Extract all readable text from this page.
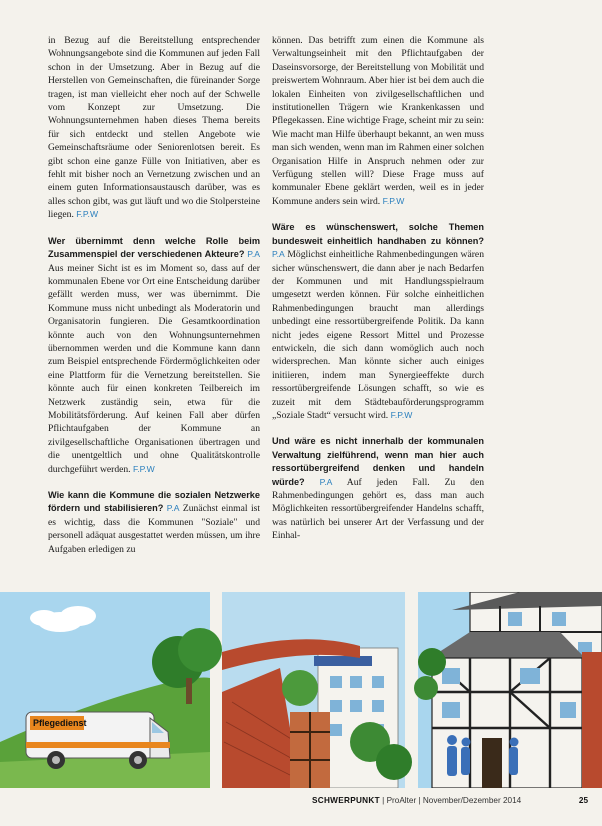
in Bezug auf die Bereitstellung entsprechender Wohnungsangebote sind die Kommunen auf jeden Fall schon in der Umsetzung. Aber in Bezug auf die Herstellen von Gemeinschaften, die füreinander Sorge tragen, ist man vielleicht eher noch auf der Schwelle vom Konzept zur Umsetzung. Die Wohnungsunternehmen haben dieses Thema bereits für sich entdeckt und stellen Angebote wie Gemeinschaftsräume oder Seniorenlotsen bereit. Es gibt schon eine ganze Fülle von Initiativen, aber es fehlt mit bisher noch an Vernetzung zwischen und an einem guten Informationsaustausch darüber, was es alles schon gibt, was gut läuft und wo die Stolpersteine liegen. F.P.W

Wer übernimmt denn welche Rolle beim Zusammenspiel der verschiedenen Akteure? P.A Aus meiner Sicht ist es im Moment so, dass auf der kommunalen Ebene vor Ort eine Entscheidung darüber gefällt werden muss, wer was übernimmt. Die Kommune muss nicht unbedingt als Moderatorin und Organisatorin fungieren. Die Gesamtkoordination könnte auch von den Wohnungsunternehmen übernommen werden und die Kommune kann dann zum Beispiel entsprechende Fördermöglichkeiten oder eine Plattform für die Vernetzung bereitstellen. Sie könnte auch für einen konkreten Teilbereich im Netzwerk zuständig sein, etwa für die Mobilitätsförderung. Auf keinen Fall aber dürfen Pflichtaufgaben der Kommune an zivilgesellschaftliche Organisationen übertragen und die unentgeltlich und ohne Qualitätskontrolle durchgeführt werden. F.P.W

Wie kann die Kommune die sozialen Netzwerke fördern und stabilisieren? P.A Zunächst einmal ist es wichtig, dass die Kommunen "Soziale" und personell adäquat ausgestattet werden müssen, um ihre Aufgaben erledigen zu

können. Das betrifft zum einen die Kommune als Verwaltungseinheit mit den Pflichtaufgaben der Daseinsvorsorge, der Bereitstellung von Mobilität und preiswertem Wohnraum. Aber hier ist bei dem auch die lokalen Einheiten von zivilgesellschaftlichen und institutionellen Trägern wie Krankenkassen und Pflegekassen. Eine wichtige Frage, scheint mir zu sein: Wie macht man Hilfe überhaupt bekannt, an wen muss man sich wenden, wenn man im Rahmen einer solchen Organisation Hilfe in Anspruch nehmen oder zur Verfügung stellen will? Diese Frage muss auf kommunaler Ebene geklärt werden, weil es in jeder Kommune anders sein wird. F.P.W

Wäre es wünschenswert, solche Themen bundesweit einheitlich handhaben zu können? P.A Möglichst einheitliche Rahmenbedingungen wären sicher wünschenswert, die dann aber je nach Bedarfen der Kommunen und mit Handlungsspielraum umgesetzt werden können. Für solche einheitlichen Rahmenbedingungen braucht man allerdings unbedingt eine ressortübergreifende Politik. Da kann nicht jedes eigene Ressort Mittel und Prozesse entwickeln, die sich dann womöglich auch noch widersprechen. Man könnte sicher auch einiges initiieren, indem man Synergieeffekte durch ressortübergreifende Lösungen schafft, so wie es zuzeit mit dem Städtebauförderungsprogramm „Soziale Stadt“ versucht wird. F.P.W

Und wäre es nicht innerhalb der kommunalen Verwaltung zielführend, wenn man hier auch ressortübergreifend denken und handeln würde? P.A Auf jeden Fall. Zu den Rahmenbedingungen gehört es, dass man auch Möglichkeiten ressortübergreifender Handelns schafft, was natürlich bei unserer Art der Verfassung und der Einhal-

Pflegedienst
SCHWERPUNKT | ProAlter | November/Dezember 2014	25
